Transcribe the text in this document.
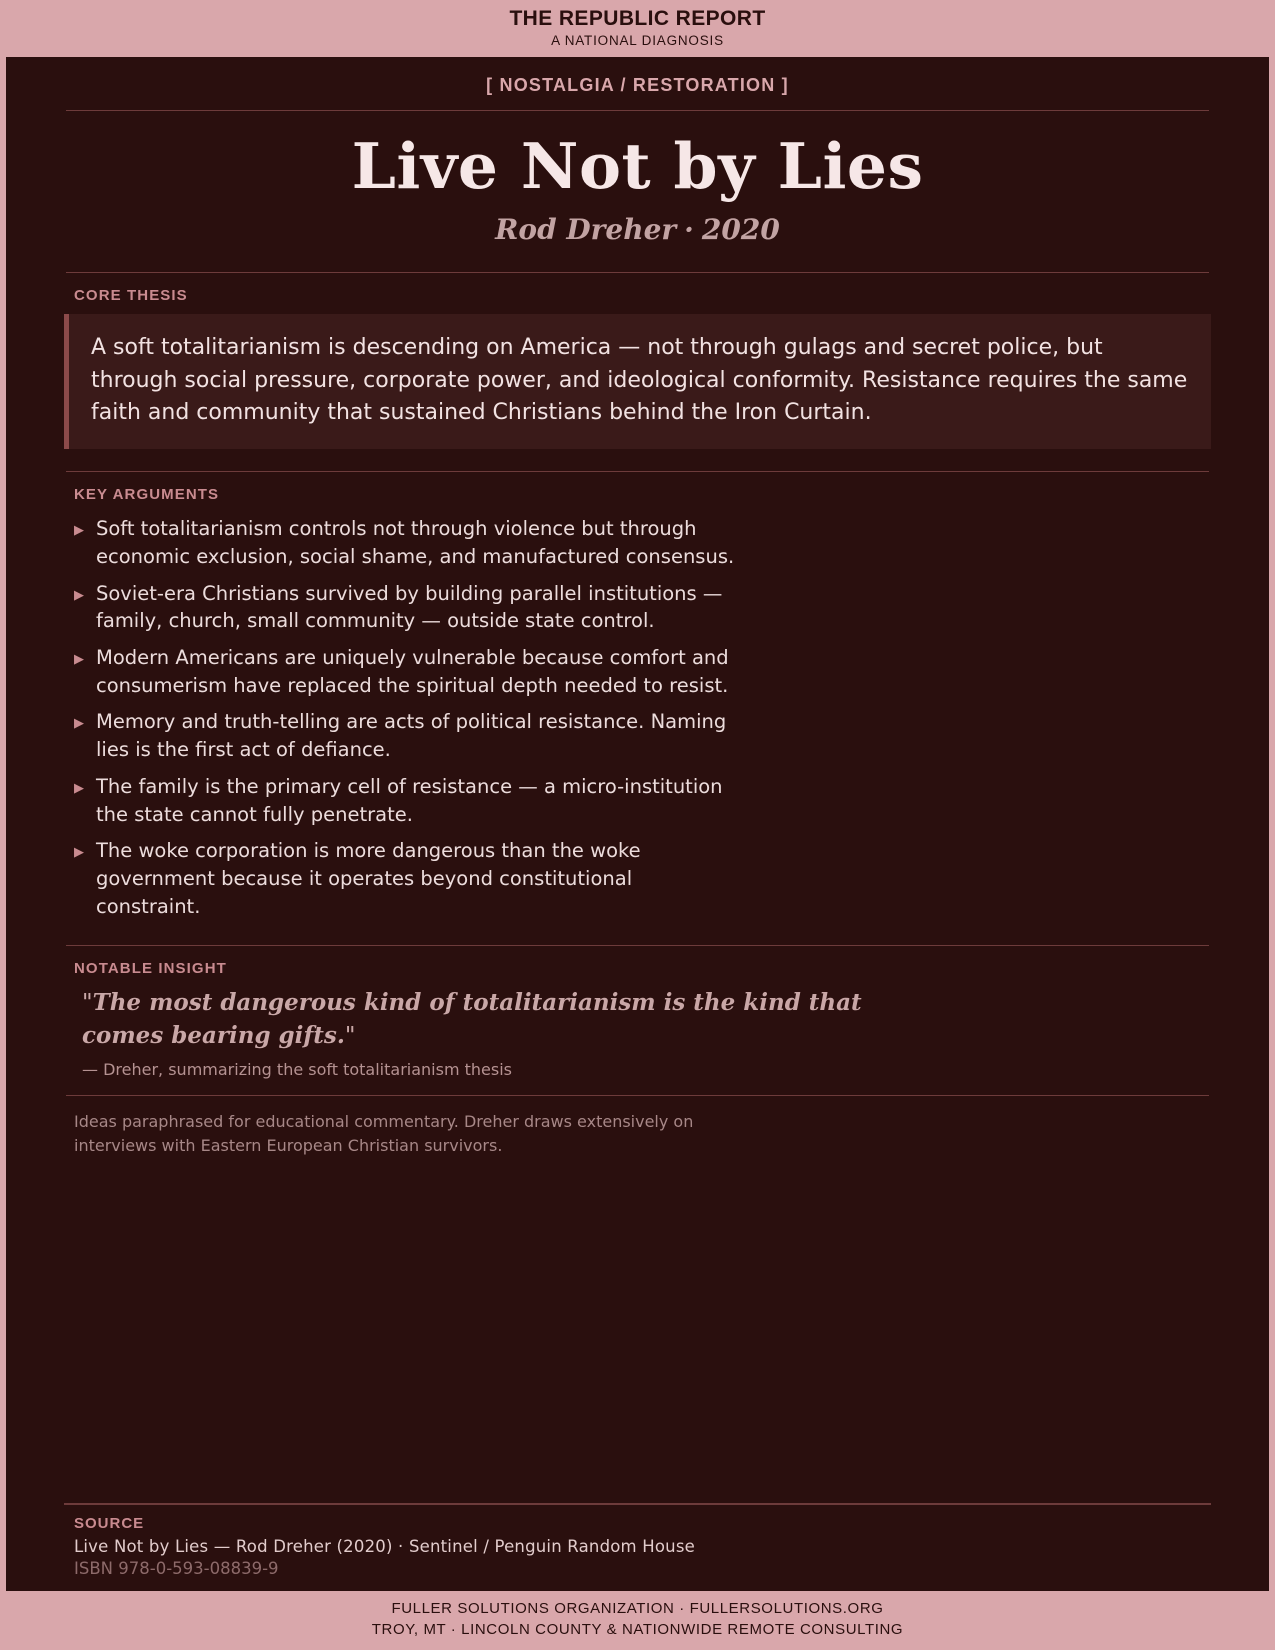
THE REPUBLIC REPORT
A NATIONAL DIAGNOSIS
[ NOSTALGIA / RESTORATION ]
Live Not by Lies
Rod Dreher · 2020
CORE THESIS
A soft totalitarianism is descending on America — not through gulags and secret police, but through social pressure, corporate power, and ideological conformity. Resistance requires the same faith and community that sustained Christians behind the Iron Curtain.
KEY ARGUMENTS
▶ Soft totalitarianism controls not through violence but through economic exclusion, social shame, and manufactured consensus.
▶ Soviet-era Christians survived by building parallel institutions — family, church, small community — outside state control.
▶ Modern Americans are uniquely vulnerable because comfort and consumerism have replaced the spiritual depth needed to resist.
▶ Memory and truth-telling are acts of political resistance. Naming lies is the first act of defiance.
▶ The family is the primary cell of resistance — a micro-institution the state cannot fully penetrate.
▶ The woke corporation is more dangerous than the woke government because it operates beyond constitutional constraint.
NOTABLE INSIGHT
"The most dangerous kind of totalitarianism is the kind that comes bearing gifts."
— Dreher, summarizing the soft totalitarianism thesis
Ideas paraphrased for educational commentary. Dreher draws extensively on interviews with Eastern European Christian survivors.
SOURCE
Live Not by Lies — Rod Dreher (2020) · Sentinel / Penguin Random House
ISBN 978-0-593-08839-9
FULLER SOLUTIONS ORGANIZATION · FULLERSOLUTIONS.ORG
TROY, MT · LINCOLN COUNTY & NATIONWIDE REMOTE CONSULTING
